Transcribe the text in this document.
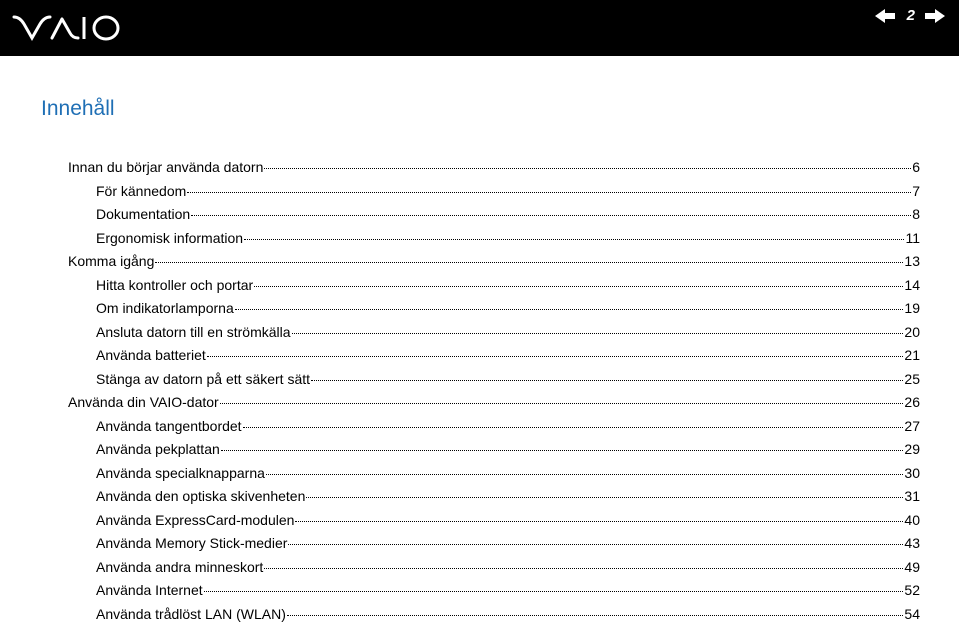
2
Innehåll
Innan du börjar använda datorn	6
För kännedom	7
Dokumentation	8
Ergonomisk information	11
Komma igång	13
Hitta kontroller och portar	14
Om indikatorlamporna	19
Ansluta datorn till en strömkälla	20
Använda batteriet	21
Stänga av datorn på ett säkert sätt	25
Använda din VAIO-dator	26
Använda tangentbordet	27
Använda pekplattan	29
Använda specialknapparna	30
Använda den optiska skivenheten	31
Använda ExpressCard-modulen	40
Använda Memory Stick-medier	43
Använda andra minneskort	49
Använda Internet	52
Använda trådlöst LAN (WLAN)	54
